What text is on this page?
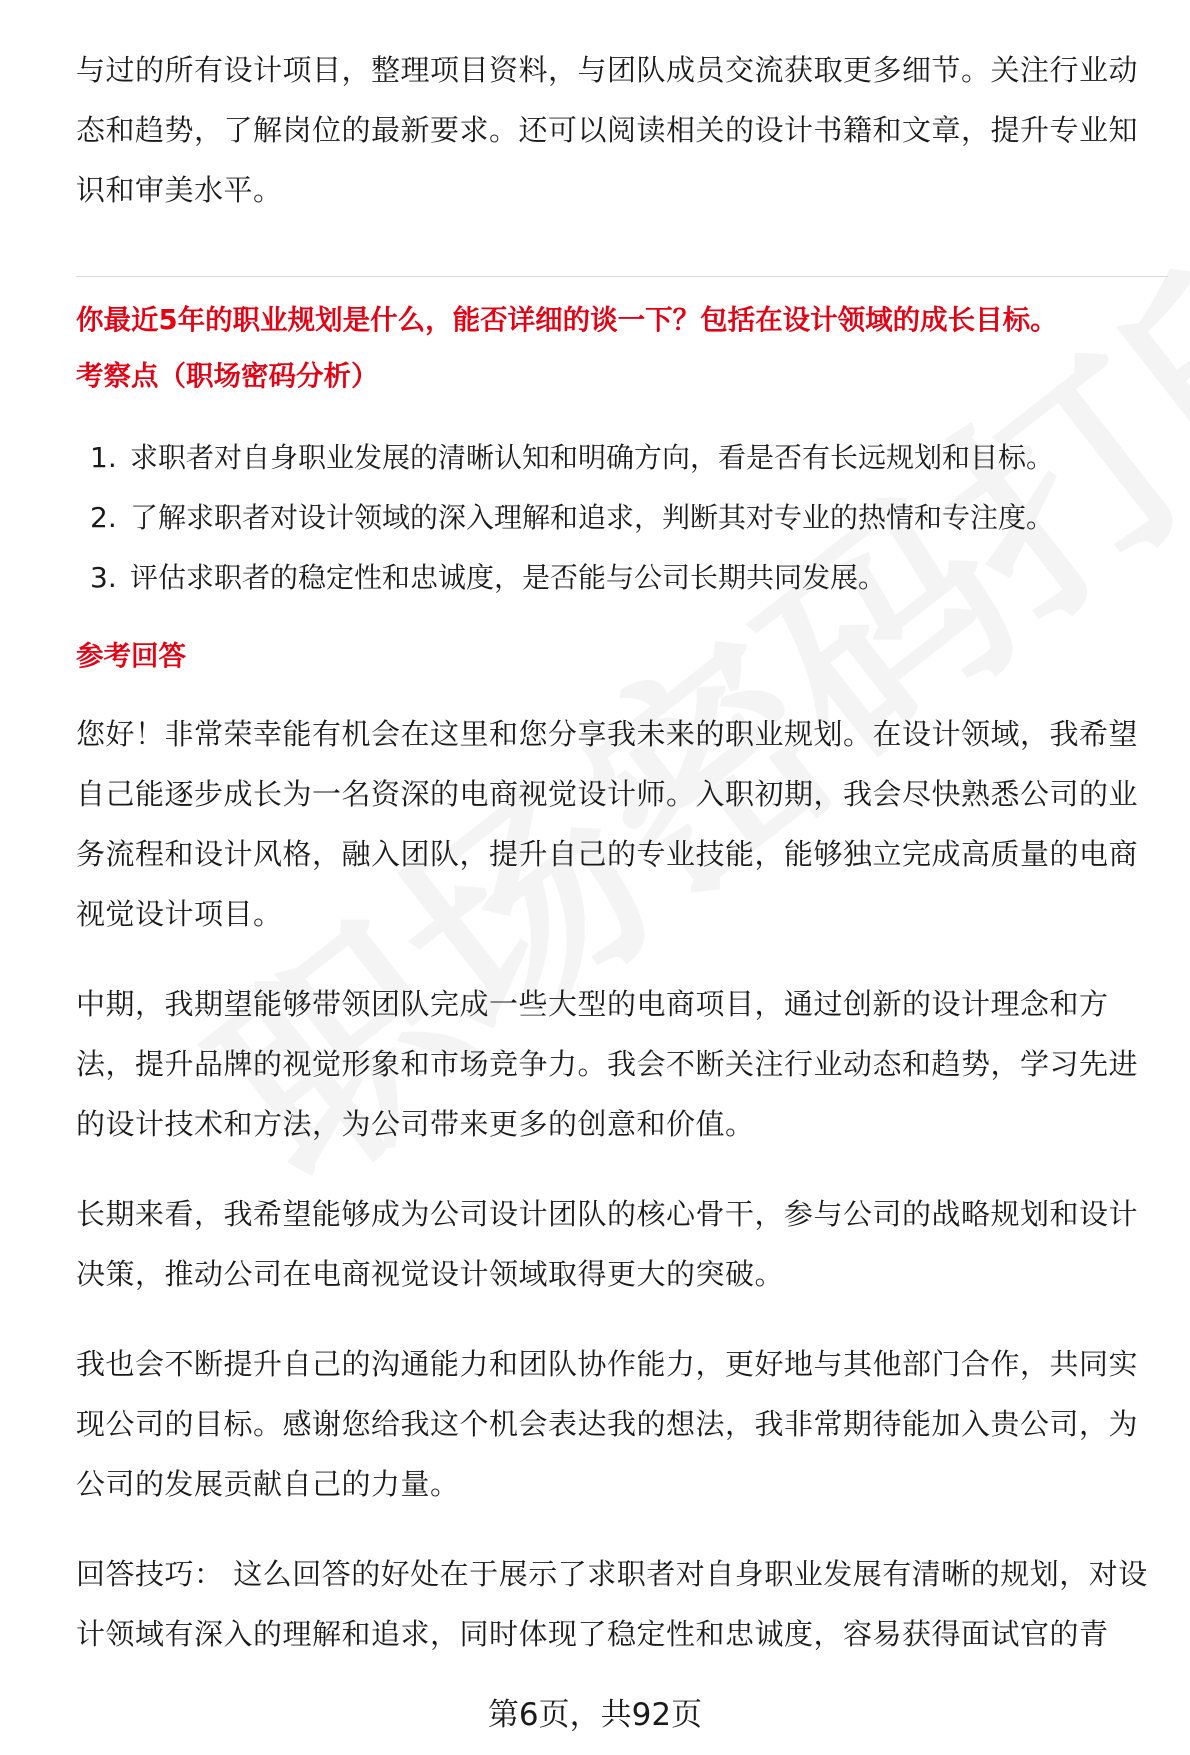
与过的所有设计项目，整理项目资料，与团队成员交流获取更多细节。关注行业动态和趋势，了解岗位的最新要求。还可以阅读相关的设计书籍和文章，提升专业知识和审美水平。

你最近5年的职业规划是什么，能否详细的谈一下？包括在设计领域的成长目标。

考察点（职场密码分析）

1. 求职者对自身职业发展的清晰认知和明确方向，看是否有长远规划和目标。
2. 了解求职者对设计领域的深入理解和追求，判断其对专业的热情和专注度。
3. 评估求职者的稳定性和忠诚度，是否能与公司长期共同发展。

参考回答

您好！非常荣幸能有机会在这里和您分享我未来的职业规划。在设计领域，我希望自己能逐步成长为一名资深的电商视觉设计师。入职初期，我会尽快熟悉公司的业务流程和设计风格，融入团队，提升自己的专业技能，能够独立完成高质量的电商视觉设计项目。

中期，我期望能够带领团队完成一些大型的电商项目，通过创新的设计理念和方法，提升品牌的视觉形象和市场竞争力。我会不断关注行业动态和趋势，学习先进的设计技术和方法，为公司带来更多的创意和价值。

长期来看，我希望能够成为公司设计团队的核心骨干，参与公司的战略规划和设计决策，推动公司在电商视觉设计领域取得更大的突破。

我也会不断提升自己的沟通能力和团队协作能力，更好地与其他部门合作，共同实现公司的目标。感谢您给我这个机会表达我的想法，我非常期待能加入贵公司，为公司的发展贡献自己的力量。

回答技巧： 这么回答的好处在于展示了求职者对自身职业发展有清晰的规划，对设计领域有深入的理解和追求，同时体现了稳定性和忠诚度，容易获得面试官的青

第6页，共92页
